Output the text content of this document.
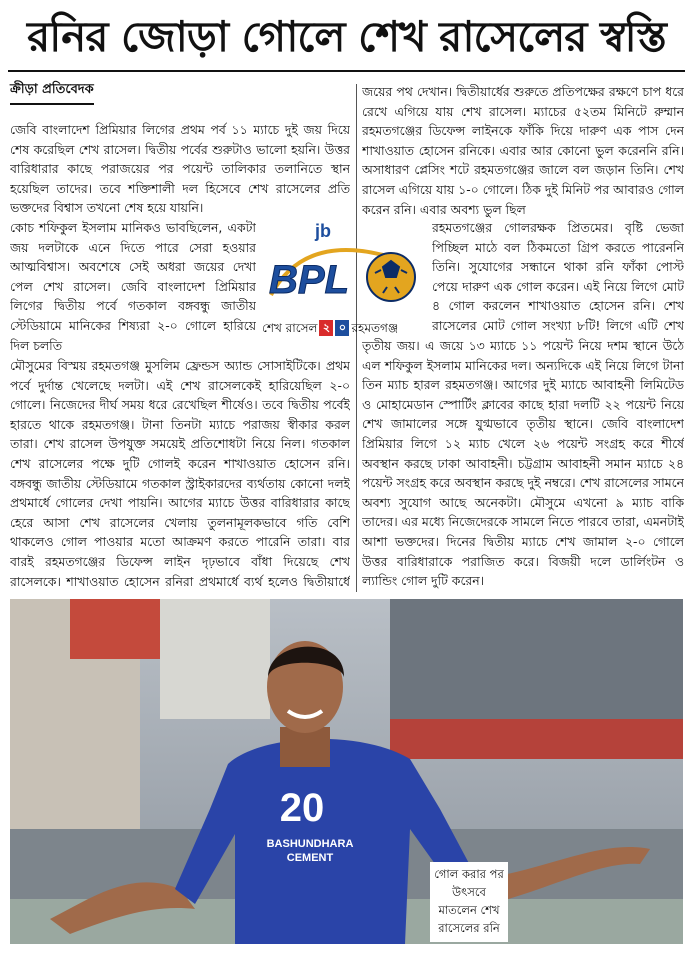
রনির জোড়া গোলে শেখ রাসেলের স্বস্তি
ক্রীড়া প্রতিবেদক

জেবি বাংলাদেশ প্রিমিয়ার লিগের প্রথম পর্ব ১১ ম্যাচে দুই জয় দিয়ে শেষ করেছিল শেখ রাসেল। দ্বিতীয় পর্বের শুরুটাও ভালো হয়নি। উত্তর বারিধারার কাছে পরাজয়ের পর পয়েন্ট তালিকার তলানিতে স্থান হয়েছিল তাদের। তবে শক্তিশালী দল হিসেবে শেখ রাসেলের প্রতি ভক্তদের বিশ্বাস তখনো শেষ হয়ে যায়নি।

কোচ শফিকুল ইসলাম মানিকও ভাবছিলেন, একটা জয় দলটাকে এনে দিতে পারে সেরা হওয়ার আত্মবিশ্বাস। অবশেষে সেই অধরা জয়ের দেখা পেল শেখ রাসেল। জেবি বাংলাদেশ প্রিমিয়ার লিগের দ্বিতীয় পর্বে গতকাল বঙ্গবন্ধু জাতীয় স্টেডিয়ামে মানিকের শিষ্যরা ২-০ গোলে হারিয়ে দিল চলতি

মৌসুমের বিস্ময় রহমতগঞ্জ মুসলিম ফ্রেন্ডস অ্যান্ড সোসাইটিকে। প্রথম পর্বে দুর্দান্ত খেলেছে দলটা। এই শেখ রাসেলকেই হারিয়েছিল ২-০ গোলে। নিজেদের দীর্ঘ সময় ধরে রেখেছিল শীর্ষেও। তবে দ্বিতীয় পর্বেই হারতে থাকে রহমতগঞ্জ। টানা তিনটা ম্যাচে পরাজয় স্বীকার করল তারা। শেখ রাসেল উপযুক্ত সময়েই প্রতিশোধটা নিয়ে নিল। গতকাল শেখ রাসেলের পক্ষে দুটি গোলই করেন শাখাওয়াত হোসেন রনি। বঙ্গবন্ধু জাতীয় স্টেডিয়ামে গতকাল স্ট্রাইকারদের ব্যর্থতায় কোনো দলই প্রথমার্ধে গোলের দেখা পায়নি। আগের ম্যাচে উত্তর বারিধারার কাছে হেরে আসা শেখ রাসেলের খেলায় তুলনামূলকভাবে গতি বেশি থাকলেও গোল পাওয়ার মতো আক্রমণ করতে পারেনি তারা। বার বারই রহমতগঞ্জের ডিফেন্স লাইন দৃঢ়ভাবে বাঁধা দিয়েছে শেখ রাসেলকে। শাখাওয়াত হোসেন রনিরা প্রথমার্ধে ব্যর্থ হলেও দ্বিতীয়ার্ধে

জয়ের পথ দেখান। দ্বিতীয়ার্ধের শুরুতে প্রতিপক্ষের রক্ষণে চাপ ধরে রেখে এগিয়ে যায় শেখ রাসেল। ম্যাচের ৫২তম মিনিটে রুম্মান রহমতগঞ্জের ডিফেন্স লাইনকে ফাঁকি দিয়ে দারুণ এক পাস দেন শাখাওয়াত হোসেন রনিকে। এবার আর কোনো ভুল করেননি রনি। অসাধারণ প্লেসিং শটে রহমতগঞ্জের জালে বল জড়ান তিনি। শেখ রাসেল এগিয়ে যায় ১-০ গোলে। ঠিক দুই মিনিট পর আবারও গোল করেন রনি। এবার অবশ্য ভুল ছিল

রহমতগঞ্জের গোলরক্ষক প্রিতমের। বৃষ্টি ভেজা পিচ্ছিল মাঠে বল ঠিকমতো গ্রিপ করতে পারেননি তিনি। সুযোগের সন্ধানে থাকা রনি ফাঁকা পোস্ট পেয়ে দারুণ এক গোল করেন। এই নিয়ে লিগে মোট ৪ গোল করলেন শাখাওয়াত হোসেন রনি। শেখ রাসেলের মোট গোল সংখ্যা ৮টি! লিগে এটি শেখ

তৃতীয় জয়। এ জয়ে ১৩ ম্যাচে ১১ পয়েন্ট নিয়ে দশম স্থানে উঠে এল শফিকুল ইসলাম মানিকের দল। অন্যদিকে এই নিয়ে লিগে টানা তিন ম্যাচ হারল রহমতগঞ্জ। আগের দুই ম্যাচে আবাহনী লিমিটেড ও মোহামেডান স্পোর্টিং ক্লাবের কাছে হারা দলটি ২২ পয়েন্ট নিয়ে শেখ জামালের সঙ্গে যুগ্মভাবে তৃতীয় স্থানে। জেবি বাংলাদেশ প্রিমিয়ার লিগে ১২ ম্যাচ খেলে ২৬ পয়েন্ট সংগ্রহ করে শীর্ষে অবস্থান করছে ঢাকা আবাহনী। চট্টগ্রাম আবাহনী সমান ম্যাচে ২৪ পয়েন্ট সংগ্রহ করে অবস্থান করছে দুই নম্বরে। শেখ রাসেলের সামনে অবশ্য সুযোগ আছে অনেকটা। মৌসুমে এখনো ৯ ম্যাচ বাকি তাদের। এর মধ্যে নিজেদেরকে সামলে নিতে পারবে তারা, এমনটাই আশা ভক্তদের। দিনের দ্বিতীয় ম্যাচে শেখ জামাল ২-০ গোলে উত্তর বারিধারাকে পরাজিত করে। বিজয়ী দলে ডার্লিংটন ও ল্যান্ডিং গোল দুটি করেন।

jb
BPL
শেখ রাসেল ২ ০ রহমতগঞ্জ
20
BASHUNDHARA
CEMENT
গোল করার পর উৎসবে মাতলেন শেখ রাসেলের রনি
